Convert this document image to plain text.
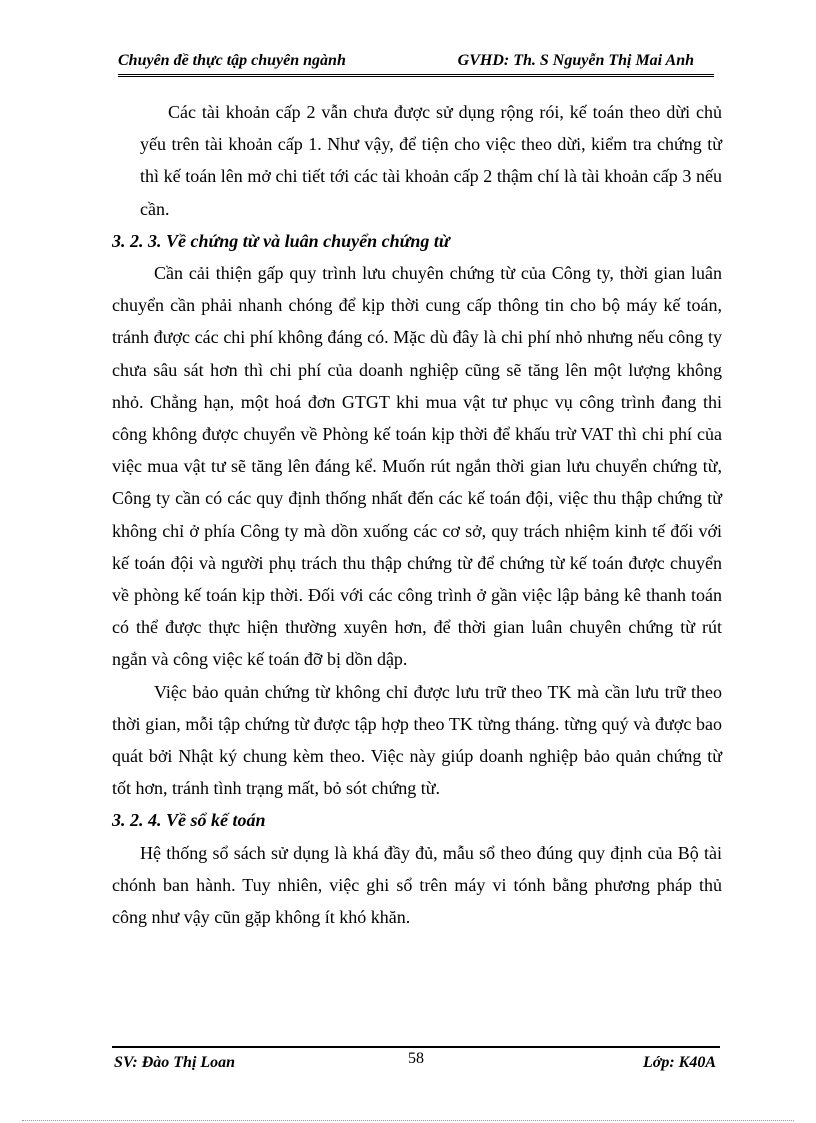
Chuyên đề thực tập chuyên ngành	GVHD: Th. S Nguyễn Thị Mai Anh

Các tài khoản cấp 2 vẫn chưa được sử dụng rộng rói, kế toán theo dừi chủ yếu trên tài khoản cấp 1. Như vậy, để tiện cho việc theo dừi, kiểm tra chứng từ thì kế toán lên mở chi tiết tới các tài khoản cấp 2 thậm chí là tài khoản cấp 3 nếu cần.

3. 2. 3. Về chứng từ và luân chuyển chứng từ

Cần cải thiện gấp quy trình lưu chuyên chứng từ của Công ty, thời gian luân chuyển cần phải nhanh chóng để kịp thời cung cấp thông tin cho bộ máy kế toán, tránh được các chi phí không đáng có. Mặc dù đây là chi phí nhỏ nhưng nếu công ty chưa sâu sát hơn thì chi phí của doanh nghiệp cũng sẽ tăng lên một lượng không nhỏ. Chẳng hạn, một hoá đơn GTGT khi mua vật tư phục vụ công trình đang thi công không được chuyển về Phòng kế toán kịp thời để khấu trừ VAT thì chi phí của việc mua vật tư sẽ tăng lên đáng kể. Muốn rút ngắn thời gian lưu chuyển chứng từ, Công ty cần có các quy định thống nhất đến các kế toán đội, việc thu thập chứng từ không chỉ ở phía Công ty mà dồn xuống các cơ sở, quy trách nhiệm kinh tế đối với kế toán đội và người phụ trách thu thập chứng từ để chứng từ kế toán được chuyển về phòng kế toán kịp thời. Đối với các công trình ở gần việc lập bảng kê thanh toán có thể được thực hiện thường xuyên hơn, để thời gian luân chuyên chứng từ rút ngắn và công việc kế toán đỡ bị dồn dập.

Việc bảo quản chứng từ không chỉ được lưu trữ theo TK mà cần lưu trữ theo thời gian, mỗi tập chứng từ được tập hợp theo TK từng tháng. từng quý và được bao quát bởi Nhật ký chung kèm theo. Việc này giúp doanh nghiệp bảo quản chứng từ tốt hơn, tránh tình trạng mất, bỏ sót chứng từ.

3. 2. 4. Về sổ kế toán

Hệ thống sổ sách sử dụng là khá đầy đủ, mẫu sổ theo đúng quy định của Bộ tài chónh ban hành. Tuy nhiên, việc ghi sổ trên máy vi tónh bằng phương pháp thủ công như vậy cũn gặp không ít khó khăn.

SV: Đào Thị Loan	58	Lớp: K40A
